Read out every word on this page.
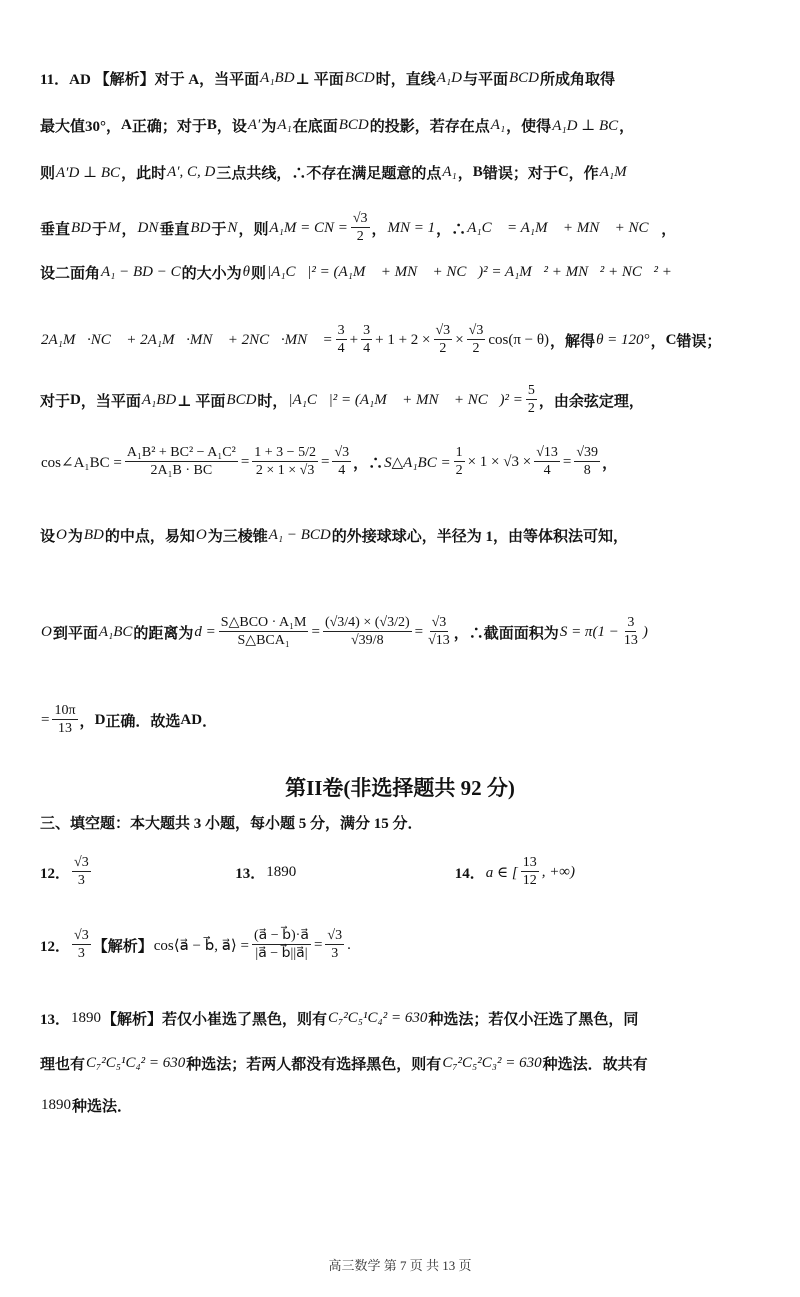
11．AD 【解析】对于 A，当平面 A₁BD ⊥ 平面 BCD 时，直线 A₁D 与平面 BCD 所成角取得
最大值30°， A 正确；对于 B ，设 A′ 为 A₁ 在底面 BCD 的投影，若存在点 A₁ ，使得 A₁D ⊥ BC ，
则 A′D ⊥ BC ，此时 A′, C, D 三点共线，∴不存在满足题意的点 A₁ ， B 错误；对于 C ，作 A₁M
垂直 BD 于 M ， DN 垂直 BD 于 N ，则 A₁M = CN = $\frac{√3}{2}$ ， MN = 1 ，∴ A₁C⃗ = A₁M⃗ + MN⃗ + NC⃗ ，
设二面角 A₁ − BD − C 的大小为 θ 则 |A₁C⃗|² = (A₁M⃗ + MN⃗ + NC⃗)² = A₁M⃗² + MN⃗² + NC⃗² +
2A₁M⃗·NC⃗ + 2A₁M⃗·MN⃗ + 2NC⃗·MN⃗ = $\frac{3}{4} + \frac{3}{4} + 1 + 2 \times \frac{√3}{2} \times \frac{√3}{2} \cos(\pi - \theta)$ ，解得 θ = 120° ， C 错误；
对于 D ，当平面 A₁BD ⊥ 平面 BCD 时， |A₁C⃗|² = (A₁M⃗ + MN⃗ + NC⃗)² = $\frac{5}{2}$ ，由余弦定理，
cos∠A₁BC = $\frac{\text{A₁B² + BC² − A₁C²}}{\text{2A₁B · BC}} = \frac{1 + 3 - 5/2}{2 \times 1 \times √3} = \frac{√3}{4}$ ，∴ S△A₁BC = $\frac{1}{2} \times 1 \times √3 \times \frac{√13}{4} = \frac{√39}{8}$ ，
设 O 为 BD 的中点，易知 O 为三棱锥 A₁ − BCD 的外接球球心，半径为 1，由等体积法可知，
O 到平面 A₁BC 的距离为 $d = \frac{\text{S△BCO · A₁M}}{\text{S△BCA₁}} = \frac{(√3/4) \times (√3/2)}{√39/8} = \frac{√3}{√13}$ ，∴截面面积为 $S = \pi(1 - \frac{3}{13}$ )
= $\frac{10\pi}{13}$ ， D 正确．故选 AD ．
三、填空题：本大题共 3 小题，每小题 5 分，满分 15 分．
12． $\frac{√3}{3}$
	13． 1890
	14． a ∈ [ $\frac{13}{12}$ , +∞)
12． $\frac{√3}{3}$ 【解析】 cos⟨a⃗ − b⃗, a⃗⟩ = $\frac{(a⃗ - b⃗)\cdot a⃗}{|a⃗ - b⃗||a⃗|} = \frac{√3}{3}$ .
13． 1890 【解析】 若仅小崔选了黑色，则有 C₇²C₅¹C₄² = 630 种选法；若仅小汪选了黑色，同
理也有 C₇²C₅¹C₄² = 630 种选法；若两人都没有选择黑色，则有 C₇²C₅²C₃² = 630 种选法．故共有
1890 种选法．
第II卷(非选择题共 92 分)
高三数学 第 7 页 共 13 页
